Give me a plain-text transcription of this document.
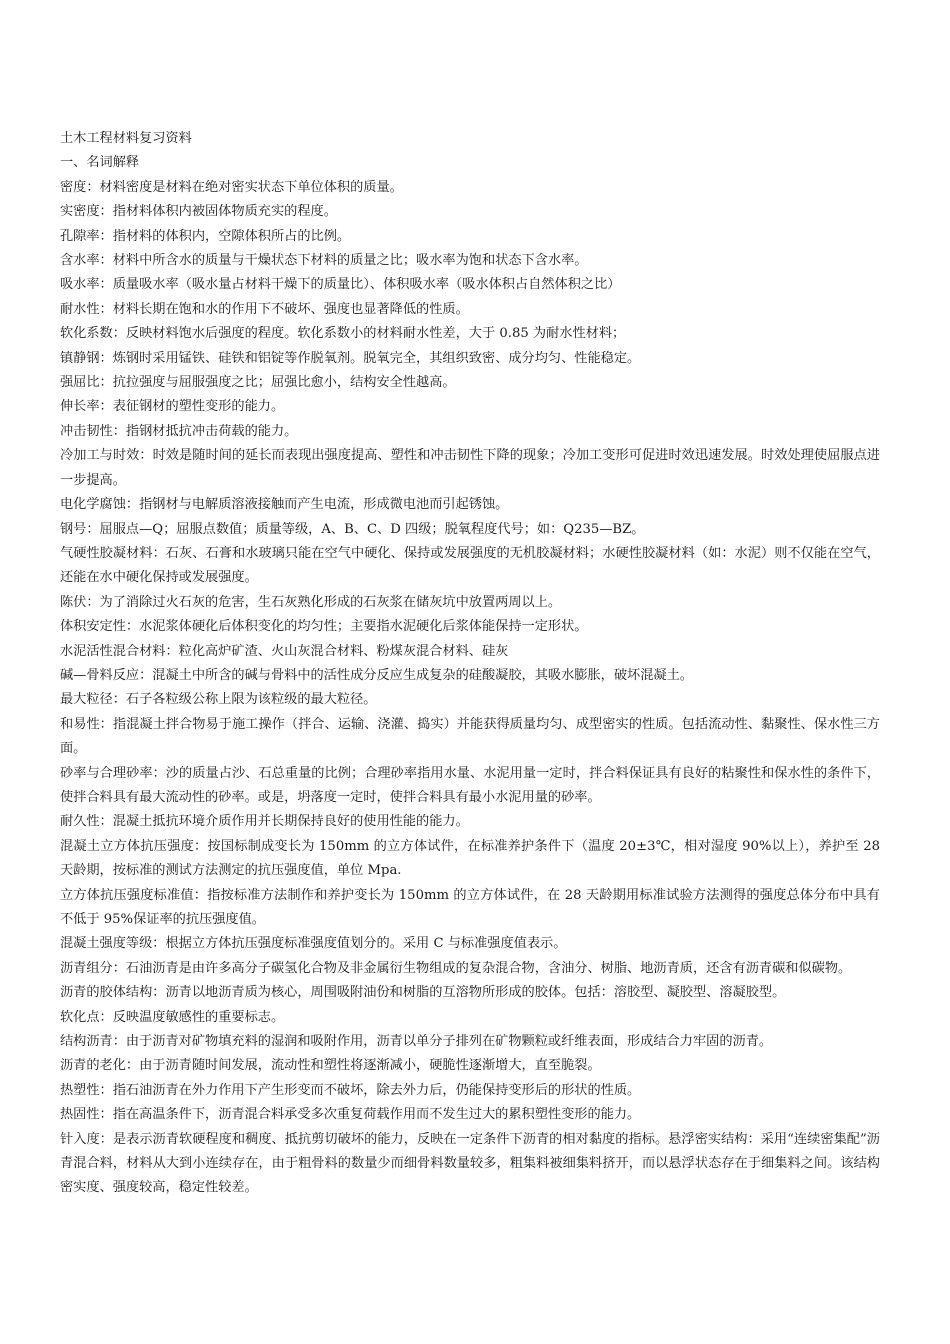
土木工程材料复习资料

一、名词解释

密度：材料密度是材料在绝对密实状态下单位体积的质量。

实密度：指材料体积内被固体物质充实的程度。

孔隙率：指材料的体积内，空隙体积所占的比例。

含水率：材料中所含水的质量与干燥状态下材料的质量之比；吸水率为饱和状态下含水率。

吸水率：质量吸水率（吸水量占材料干燥下的质量比）、体积吸水率（吸水体积占自然体积之比）

耐水性：材料长期在饱和水的作用下不破坏、强度也显著降低的性质。

软化系数：反映材料饱水后强度的程度。软化系数小的材料耐水性差，大于 0.85 为耐水性材料；

镇静钢：炼钢时采用锰铁、硅铁和铝锭等作脱氧剂。脱氧完全，其组织致密、成分均匀、性能稳定。

强屈比：抗拉强度与屈服强度之比；屈强比愈小，结构安全性越高。

伸长率：表征钢材的塑性变形的能力。

冲击韧性：指钢材抵抗冲击荷载的能力。

冷加工与时效：时效是随时间的延长而表现出强度提高、塑性和冲击韧性下降的现象；冷加工变形可促进时效迅速发展。时效处理使屈服点进一步提高。

电化学腐蚀：指钢材与电解质溶液接触而产生电流，形成微电池而引起锈蚀。

钢号：屈服点—Q；屈服点数值；质量等级，A、B、C、D 四级；脱氧程度代号；如：Q235—BZ。

气硬性胶凝材料：石灰、石膏和水玻璃只能在空气中硬化、保持或发展强度的无机胶凝材料；水硬性胶凝材料（如：水泥）则不仅能在空气，还能在水中硬化保持或发展强度。

陈伏：为了消除过火石灰的危害，生石灰熟化形成的石灰浆在储灰坑中放置两周以上。

体积安定性：水泥浆体硬化后体积变化的均匀性；主要指水泥硬化后浆体能保持一定形状。

水泥活性混合材料：粒化高炉矿渣、火山灰混合材料、粉煤灰混合材料、硅灰

碱—骨料反应：混凝土中所含的碱与骨料中的活性成分反应生成复杂的硅酸凝胶，其吸水膨胀，破坏混凝土。

最大粒径：石子各粒级公称上限为该粒级的最大粒径。

和易性：指混凝土拌合物易于施工操作（拌合、运输、浇灌、捣实）并能获得质量均匀、成型密实的性质。包括流动性、黏聚性、保水性三方面。

砂率与合理砂率：沙的质量占沙、石总重量的比例；合理砂率指用水量、水泥用量一定时，拌合料保证具有良好的粘聚性和保水性的条件下，使拌合料具有最大流动性的砂率。或是，坍落度一定时，使拌合料具有最小水泥用量的砂率。

耐久性：混凝土抵抗环境介质作用并长期保持良好的使用性能的能力。

混凝土立方体抗压强度：按国标制成变长为 150mm 的立方体试件，在标准养护条件下（温度 20±3℃，相对湿度 90%以上），养护至 28 天龄期，按标准的测试方法测定的抗压强度值，单位 Mpa.

立方体抗压强度标准值：指按标准方法制作和养护变长为 150mm 的立方体试件，在 28 天龄期用标准试验方法测得的强度总体分布中具有不低于 95%保证率的抗压强度值。

混凝土强度等级：根据立方体抗压强度标准强度值划分的。采用 C 与标准强度值表示。

沥青组分：石油沥青是由许多高分子碳氢化合物及非金属衍生物组成的复杂混合物，含油分、树脂、地沥青质，还含有沥青碳和似碳物。

沥青的胶体结构：沥青以地沥青质为核心，周围吸附油份和树脂的互溶物所形成的胶体。包括：溶胶型、凝胶型、溶凝胶型。

软化点：反映温度敏感性的重要标志。

结构沥青：由于沥青对矿物填充料的湿润和吸附作用，沥青以单分子排列在矿物颗粒或纤维表面，形成结合力牢固的沥青。

沥青的老化：由于沥青随时间发展，流动性和塑性将逐渐减小，硬脆性逐渐增大，直至脆裂。

热塑性：指石油沥青在外力作用下产生形变而不破坏，除去外力后，仍能保持变形后的形状的性质。

热固性：指在高温条件下，沥青混合料承受多次重复荷载作用而不发生过大的累积塑性变形的能力。

针入度：是表示沥青软硬程度和稠度、抵抗剪切破坏的能力，反映在一定条件下沥青的相对黏度的指标。悬浮密实结构：采用“连续密集配”沥青混合料，材料从大到小连续存在，由于粗骨料的数量少而细骨料数量较多，粗集料被细集料挤开，而以悬浮状态存在于细集料之间。该结构密实度、强度较高，稳定性较差。
